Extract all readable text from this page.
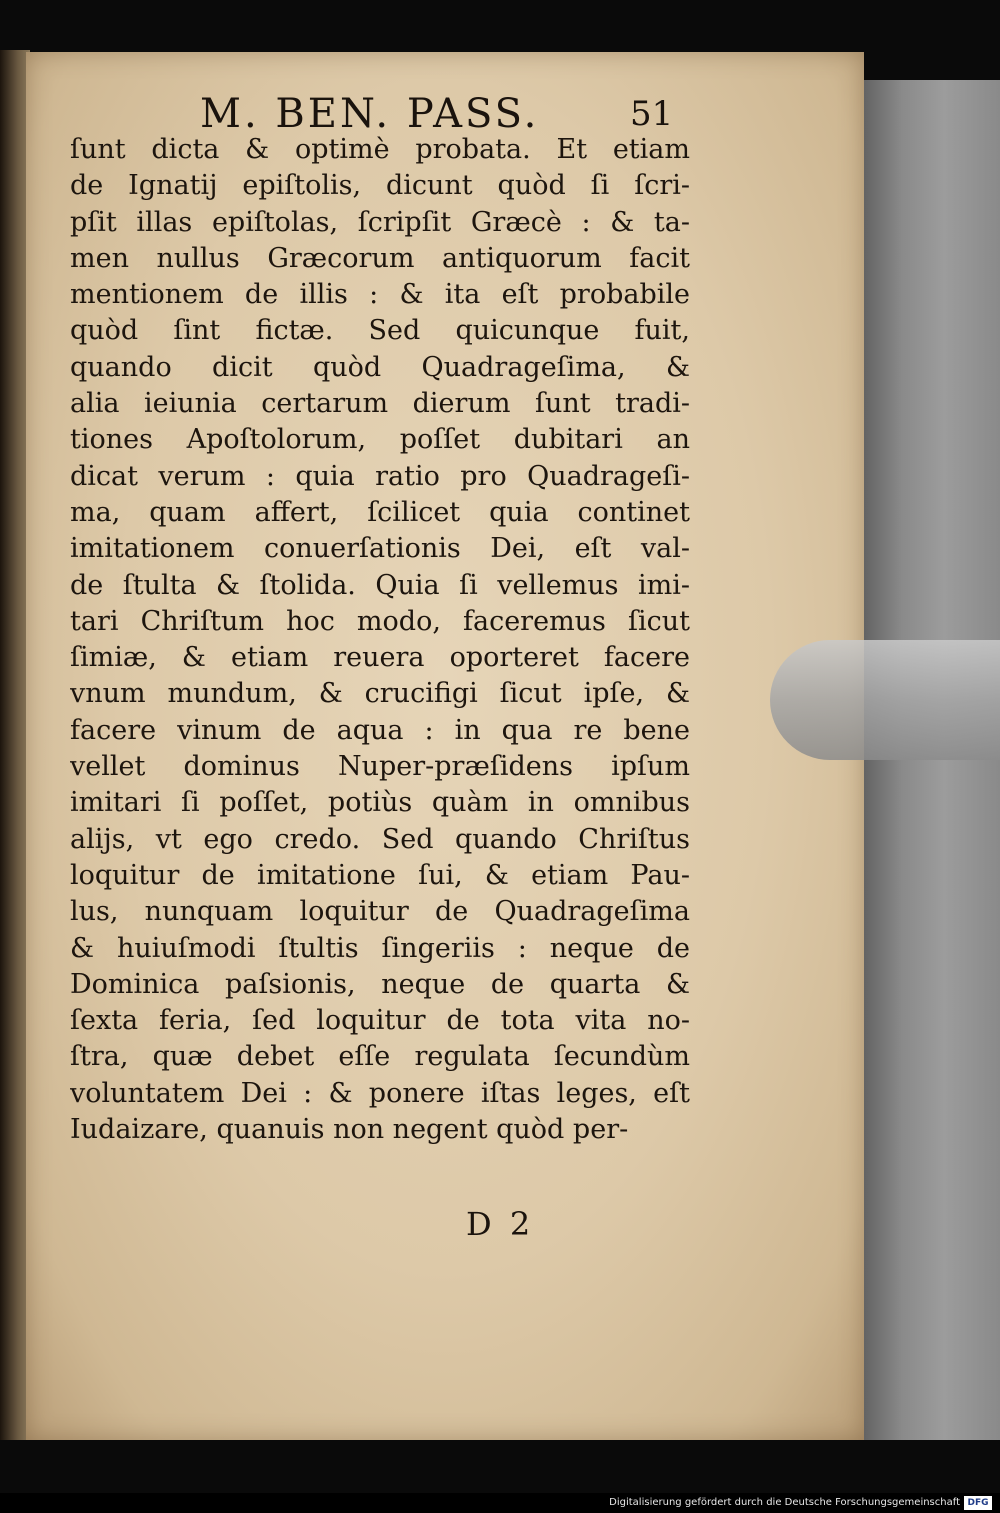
M. BEN. PASS.	51
ſunt dicta & optimè probata. Et etiam
de Ignatij epiſtolis, dicunt quòd ſi ſcri-
pſit illas epiſtolas, ſcripſit Græcè : & ta-
men nullus Græcorum antiquorum facit
mentionem de illis : & ita eſt probabile
quòd ſint fictæ. Sed quicunque fuit,
quando dicit quòd Quadrageſima, &
alia ieiunia certarum dierum ſunt tradi-
tiones Apoſtolorum, poſſet dubitari an
dicat verum : quia ratio pro Quadrageſi-
ma, quam affert, ſcilicet quia continet
imitationem conuerſationis Dei, eſt val-
de ſtulta & ſtolida. Quia ſi vellemus imi-
tari Chriſtum hoc modo, faceremus ſicut
ſimiæ, & etiam reuera oporteret facere
vnum mundum, & crucifigi ſicut ipſe, &
facere vinum de aqua : in qua re bene
vellet dominus Nuper-præſidens ipſum
imitari ſi poſſet, potiùs quàm in omnibus
alijs, vt ego credo. Sed quando Chriſtus
loquitur de imitatione ſui, & etiam Pau-
lus, nunquam loquitur de Quadrageſima
& huiuſmodi ſtultis ſingeriis : neque de
Dominica paſsionis, neque de quarta &
ſexta feria, ſed loquitur de tota vita no-
ſtra, quæ debet eſſe regulata ſecundùm
voluntatem Dei : & ponere iſtas leges, eſt
Iudaizare, quanuis non negent quòd per-
D 2
Digitalisierung gefördert durch die Deutsche Forschungsgemeinschaft DFG
